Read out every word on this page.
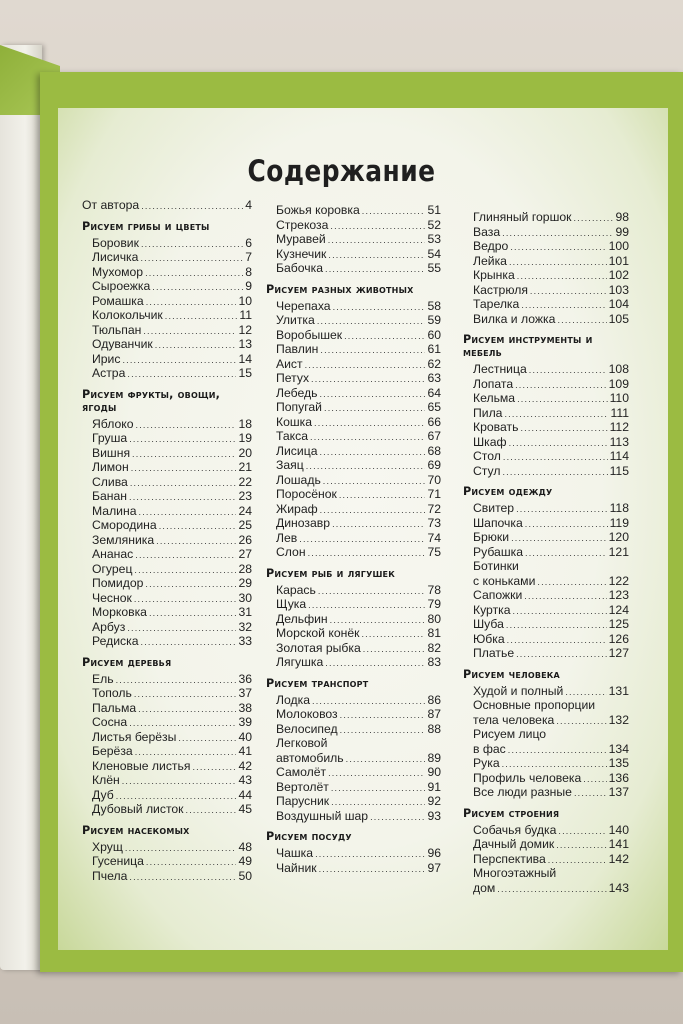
Содержание
От автора .....	4
Рисуем грибы и цветы
Боровик .....	6
Лисичка .....	7
Мухомор .....	8
Сыроежка .....	9
Ромашка .....	10
Колокольчик .....	11
Тюльпан .....	12
Одуванчик .....	13
Ирис .....	14
Астра .....	15
Рисуем фрукты, овощи, ягоды
Яблоко .....	18
Груша .....	19
Вишня .....	20
Лимон .....	21
Слива .....	22
Банан .....	23
Малина .....	24
Смородина .....	25
Земляника .....	26
Ананас .....	27
Огурец .....	28
Помидор .....	29
Чеснок .....	30
Морковка .....	31
Арбуз .....	32
Редиска .....	33
Рисуем деревья
Ель .....	36
Тополь .....	37
Пальма .....	38
Сосна .....	39
Листья берёзы .....	40
Берёза .....	41
Кленовые листья .....	42
Клён .....	43
Дуб .....	44
Дубовый листок .....	45
Рисуем насекомых
Хрущ .....	48
Гусеница .....	49
Пчела .....	50
Божья коровка .....	51
Стрекоза .....	52
Муравей .....	53
Кузнечик .....	54
Бабочка .....	55
Рисуем разных животных
Черепаха .....	58
Улитка .....	59
Воробышек .....	60
Павлин .....	61
Аист .....	62
Петух .....	63
Лебедь .....	64
Попугай .....	65
Кошка .....	66
Такса .....	67
Лисица .....	68
Заяц .....	69
Лошадь .....	70
Поросёнок .....	71
Жираф .....	72
Динозавр .....	73
Лев .....	74
Слон .....	75
Рисуем рыб и лягушек
Карась .....	78
Щука .....	79
Дельфин .....	80
Морской конёк .....	81
Золотая рыбка .....	82
Лягушка .....	83
Рисуем транспорт
Лодка .....	86
Молоковоз .....	87
Велосипед .....	88
Легковой
автомобиль .....	89
Самолёт .....	90
Вертолёт .....	91
Парусник .....	92
Воздушный шар .....	93
Рисуем посуду
Чашка .....	96
Чайник .....	97
Глиняный горшок .....	98
Ваза .....	99
Ведро .....	100
Лейка .....	101
Крынка .....	102
Кастрюля .....	103
Тарелка .....	104
Вилка и ложка .....	105
Рисуем инструменты и мебель
Лестница .....	108
Лопата .....	109
Кельма .....	110
Пила .....	111
Кровать .....	112
Шкаф .....	113
Стол .....	114
Стул .....	115
Рисуем одежду
Свитер .....	118
Шапочка .....	119
Брюки .....	120
Рубашка .....	121
Ботинки
с коньками .....	122
Сапожки .....	123
Куртка .....	124
Шуба .....	125
Юбка .....	126
Платье .....	127
Рисуем человека
Худой и полный .....	131
Основные пропорции
тела человека .....	132
Рисуем лицо
в фас .....	134
Рука .....	135
Профиль человека ..... 136
Все люди разные .....	137
Рисуем строения
Собачья будка .....	140
Дачный домик .....	141
Перспектива .....	142
Многоэтажный
дом .....	143
